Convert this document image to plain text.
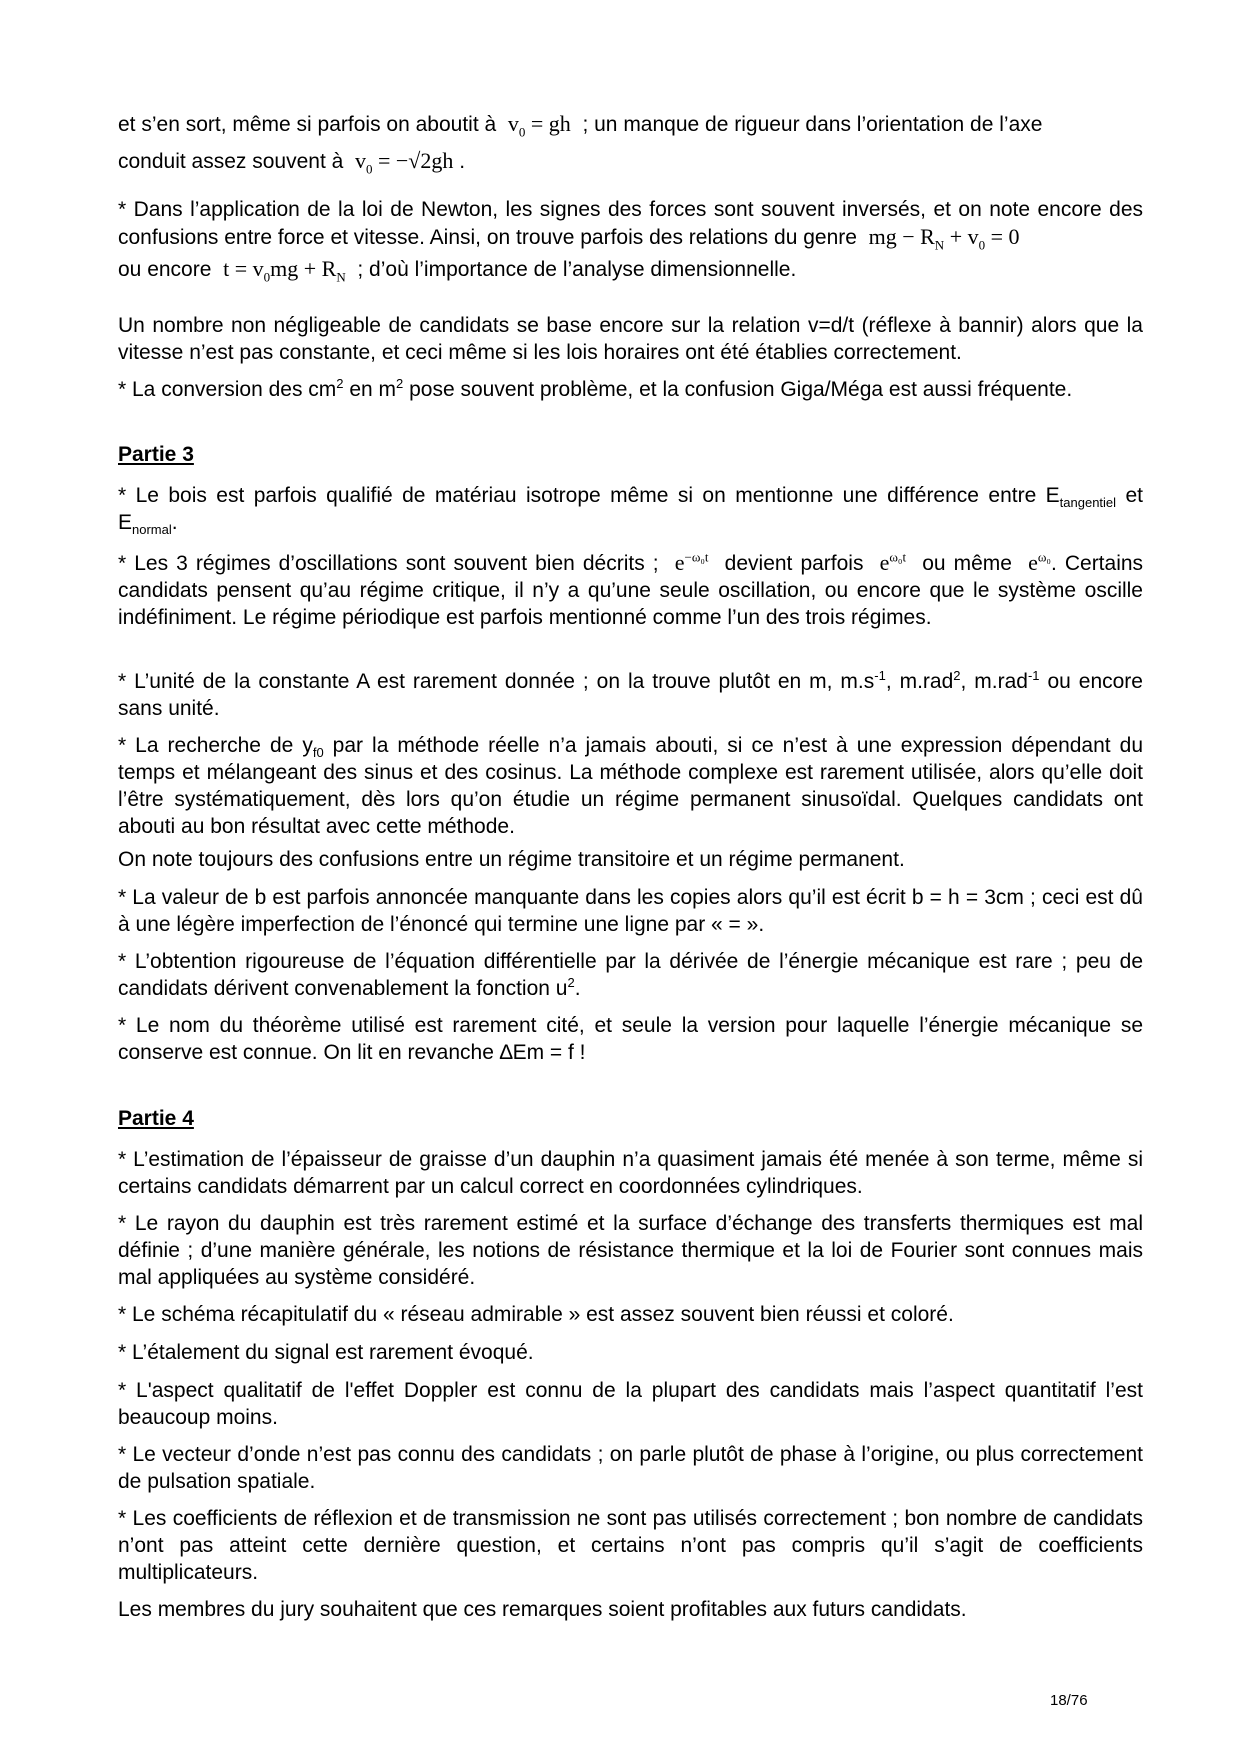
et s’en sort, même si parfois on aboutit à $v_0$ = gh ; un manque de rigueur dans l’orientation de l’axe

conduit assez souvent à $v_0 = -√2gh$ .

* Dans l’application de la loi de Newton, les signes des forces sont souvent inversés, et on note encore des confusions entre force et vitesse. Ainsi, on trouve parfois des relations du genre mg − $R_N + v_0 = 0$

ou encore $t = v_0mg + R_N$ ; d’où l’importance de l’analyse dimensionnelle.

Un nombre non négligeable de candidats se base encore sur la relation v=d/t (réflexe à bannir) alors que la vitesse n’est pas constante, et ceci même si les lois horaires ont été établies correctement.

* La conversion des $cm^2$ en $m^2$ pose souvent problème, et la confusion Giga/Méga est aussi fréquente.

Partie 3

* Le bois est parfois qualifié de matériau isotrope même si on mentionne une différence entre $E_{tangentiel}$ et $E_{normal}$.

* Les 3 régimes d’oscillations sont souvent bien décrits ; $e^{-\omega_0t}$ devient parfois $e^{\omega_0t}$ ou même $e^{\omega_0}$. Certains candidats pensent qu’au régime critique, il n’y a qu’une seule oscillation, ou encore que le système oscille indéfiniment. Le régime périodique est parfois mentionné comme l’un des trois régimes.

* L’unité de la constante A est rarement donnée ; on la trouve plutôt en m, $m.s^{-1}$, m.rad$^2$, m.rad$^{-1}$ ou encore sans unité.

* La recherche de $y_{f0}$ par la méthode réelle n’a jamais abouti, si ce n’est à une expression dépendant du temps et mélangeant des sinus et des cosinus. La méthode complexe est rarement utilisée, alors qu’elle doit l’être systématiquement, dès lors qu’on étudie un régime permanent sinusoïdal. Quelques candidats ont abouti au bon résultat avec cette méthode.

On note toujours des confusions entre un régime transitoire et un régime permanent.

* La valeur de b est parfois annoncée manquante dans les copies alors qu’il est écrit b = h = 3cm ; ceci est dû à une légère imperfection de l’énoncé qui termine une ligne par « = ».

* L’obtention rigoureuse de l’équation différentielle par la dérivée de l’énergie mécanique est rare ; peu de candidats dérivent convenablement la fonction $u^2$.

* Le nom du théorème utilisé est rarement cité, et seule la version pour laquelle l’énergie mécanique se conserve est connue. On lit en revanche ∆Em = f !

Partie 4

* L’estimation de l’épaisseur de graisse d’un dauphin n’a quasiment jamais été menée à son terme, même si certains candidats démarrent par un calcul correct en coordonnées cylindriques.

* Le rayon du dauphin est très rarement estimé et la surface d’échange des transferts thermiques est mal définie ; d’une manière générale, les notions de résistance thermique et la loi de Fourier sont connues mais mal appliquées au système considéré.

* Le schéma récapitulatif du « réseau admirable » est assez souvent bien réussi et coloré.

* L’étalement du signal est rarement évoqué.

* L'aspect qualitatif de l'effet Doppler est connu de la plupart des candidats mais l’aspect quantitatif l’est beaucoup moins.

* Le vecteur d’onde n’est pas connu des candidats ; on parle plutôt de phase à l’origine, ou plus correctement de pulsation spatiale.

* Les coefficients de réflexion et de transmission ne sont pas utilisés correctement ; bon nombre de candidats n’ont pas atteint cette dernière question, et certains n’ont pas compris qu’il s’agit de coefficients multiplicateurs.

Les membres du jury souhaitent que ces remarques soient profitables aux futurs candidats.

18/76
